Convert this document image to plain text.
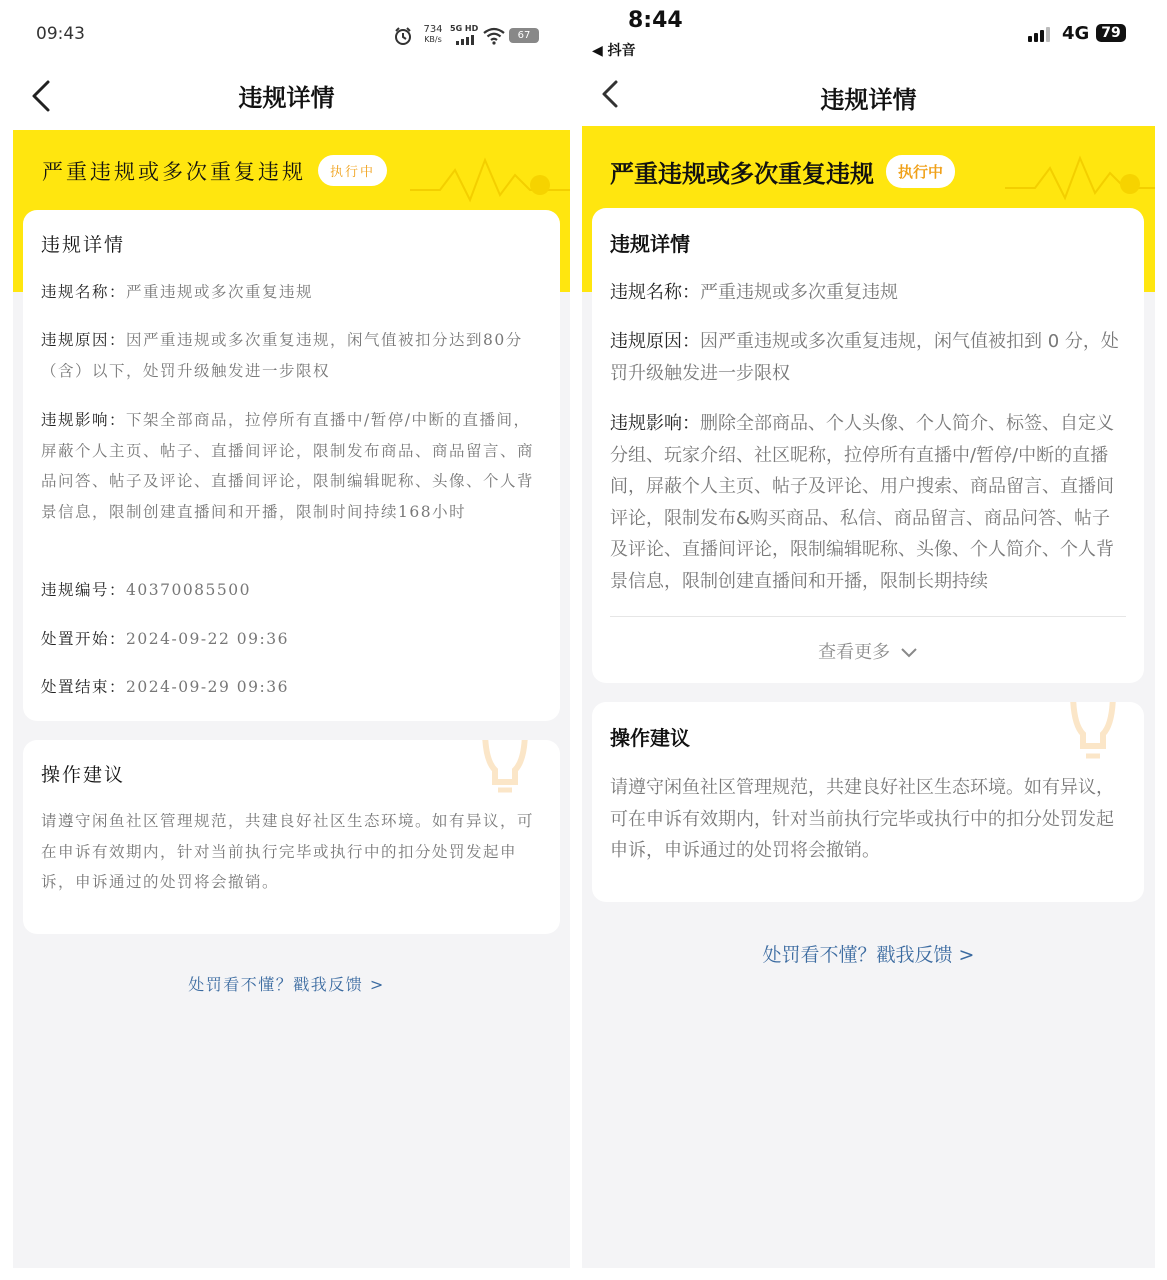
09:43	734
KB/s
5G HD
67
违规详情
严重违规或多次重复违规	执行中
违规详情
违规名称：严重违规或多次重复违规
违规原因：因严重违规或多次重复违规，闲气值被扣分达到80分（含）以下，处罚升级触发进一步限权
违规影响：下架全部商品，拉停所有直播中/暂停/中断的直播间，屏蔽个人主页、帖子、直播间评论，限制发布商品、商品留言、商品问答、帖子及评论、直播间评论，限制编辑昵称、头像、个人背景信息，限制创建直播间和开播，限制时间持续168小时
违规编号：40370085500
处置开始：2024-09-22 09:36
处置结束：2024-09-29 09:36
操作建议
请遵守闲鱼社区管理规范，共建良好社区生态环境。如有异议，可在申诉有效期内，针对当前执行完毕或执行中的扣分处罚发起申诉，申诉通过的处罚将会撤销。
处罚看不懂？戳我反馈 >
8:44
◀ 抖音
4G 79
违规详情
严重违规或多次重复违规	执行中
违规详情
违规名称：严重违规或多次重复违规
违规原因：因严重违规或多次重复违规，闲气值被扣到 0 分，处罚升级触发进一步限权
违规影响：删除全部商品、个人头像、个人简介、标签、自定义分组、玩家介绍、社区昵称，拉停所有直播中/暂停/中断的直播间，屏蔽个人主页、帖子及评论、用户搜索、商品留言、直播间评论，限制发布&购买商品、私信、商品留言、商品问答、帖子及评论、直播间评论，限制编辑昵称、头像、个人简介、个人背景信息，限制创建直播间和开播，限制长期持续
查看更多
操作建议
请遵守闲鱼社区管理规范，共建良好社区生态环境。如有异议，可在申诉有效期内，针对当前执行完毕或执行中的扣分处罚发起申诉，申诉通过的处罚将会撤销。
处罚看不懂？戳我反馈 >
